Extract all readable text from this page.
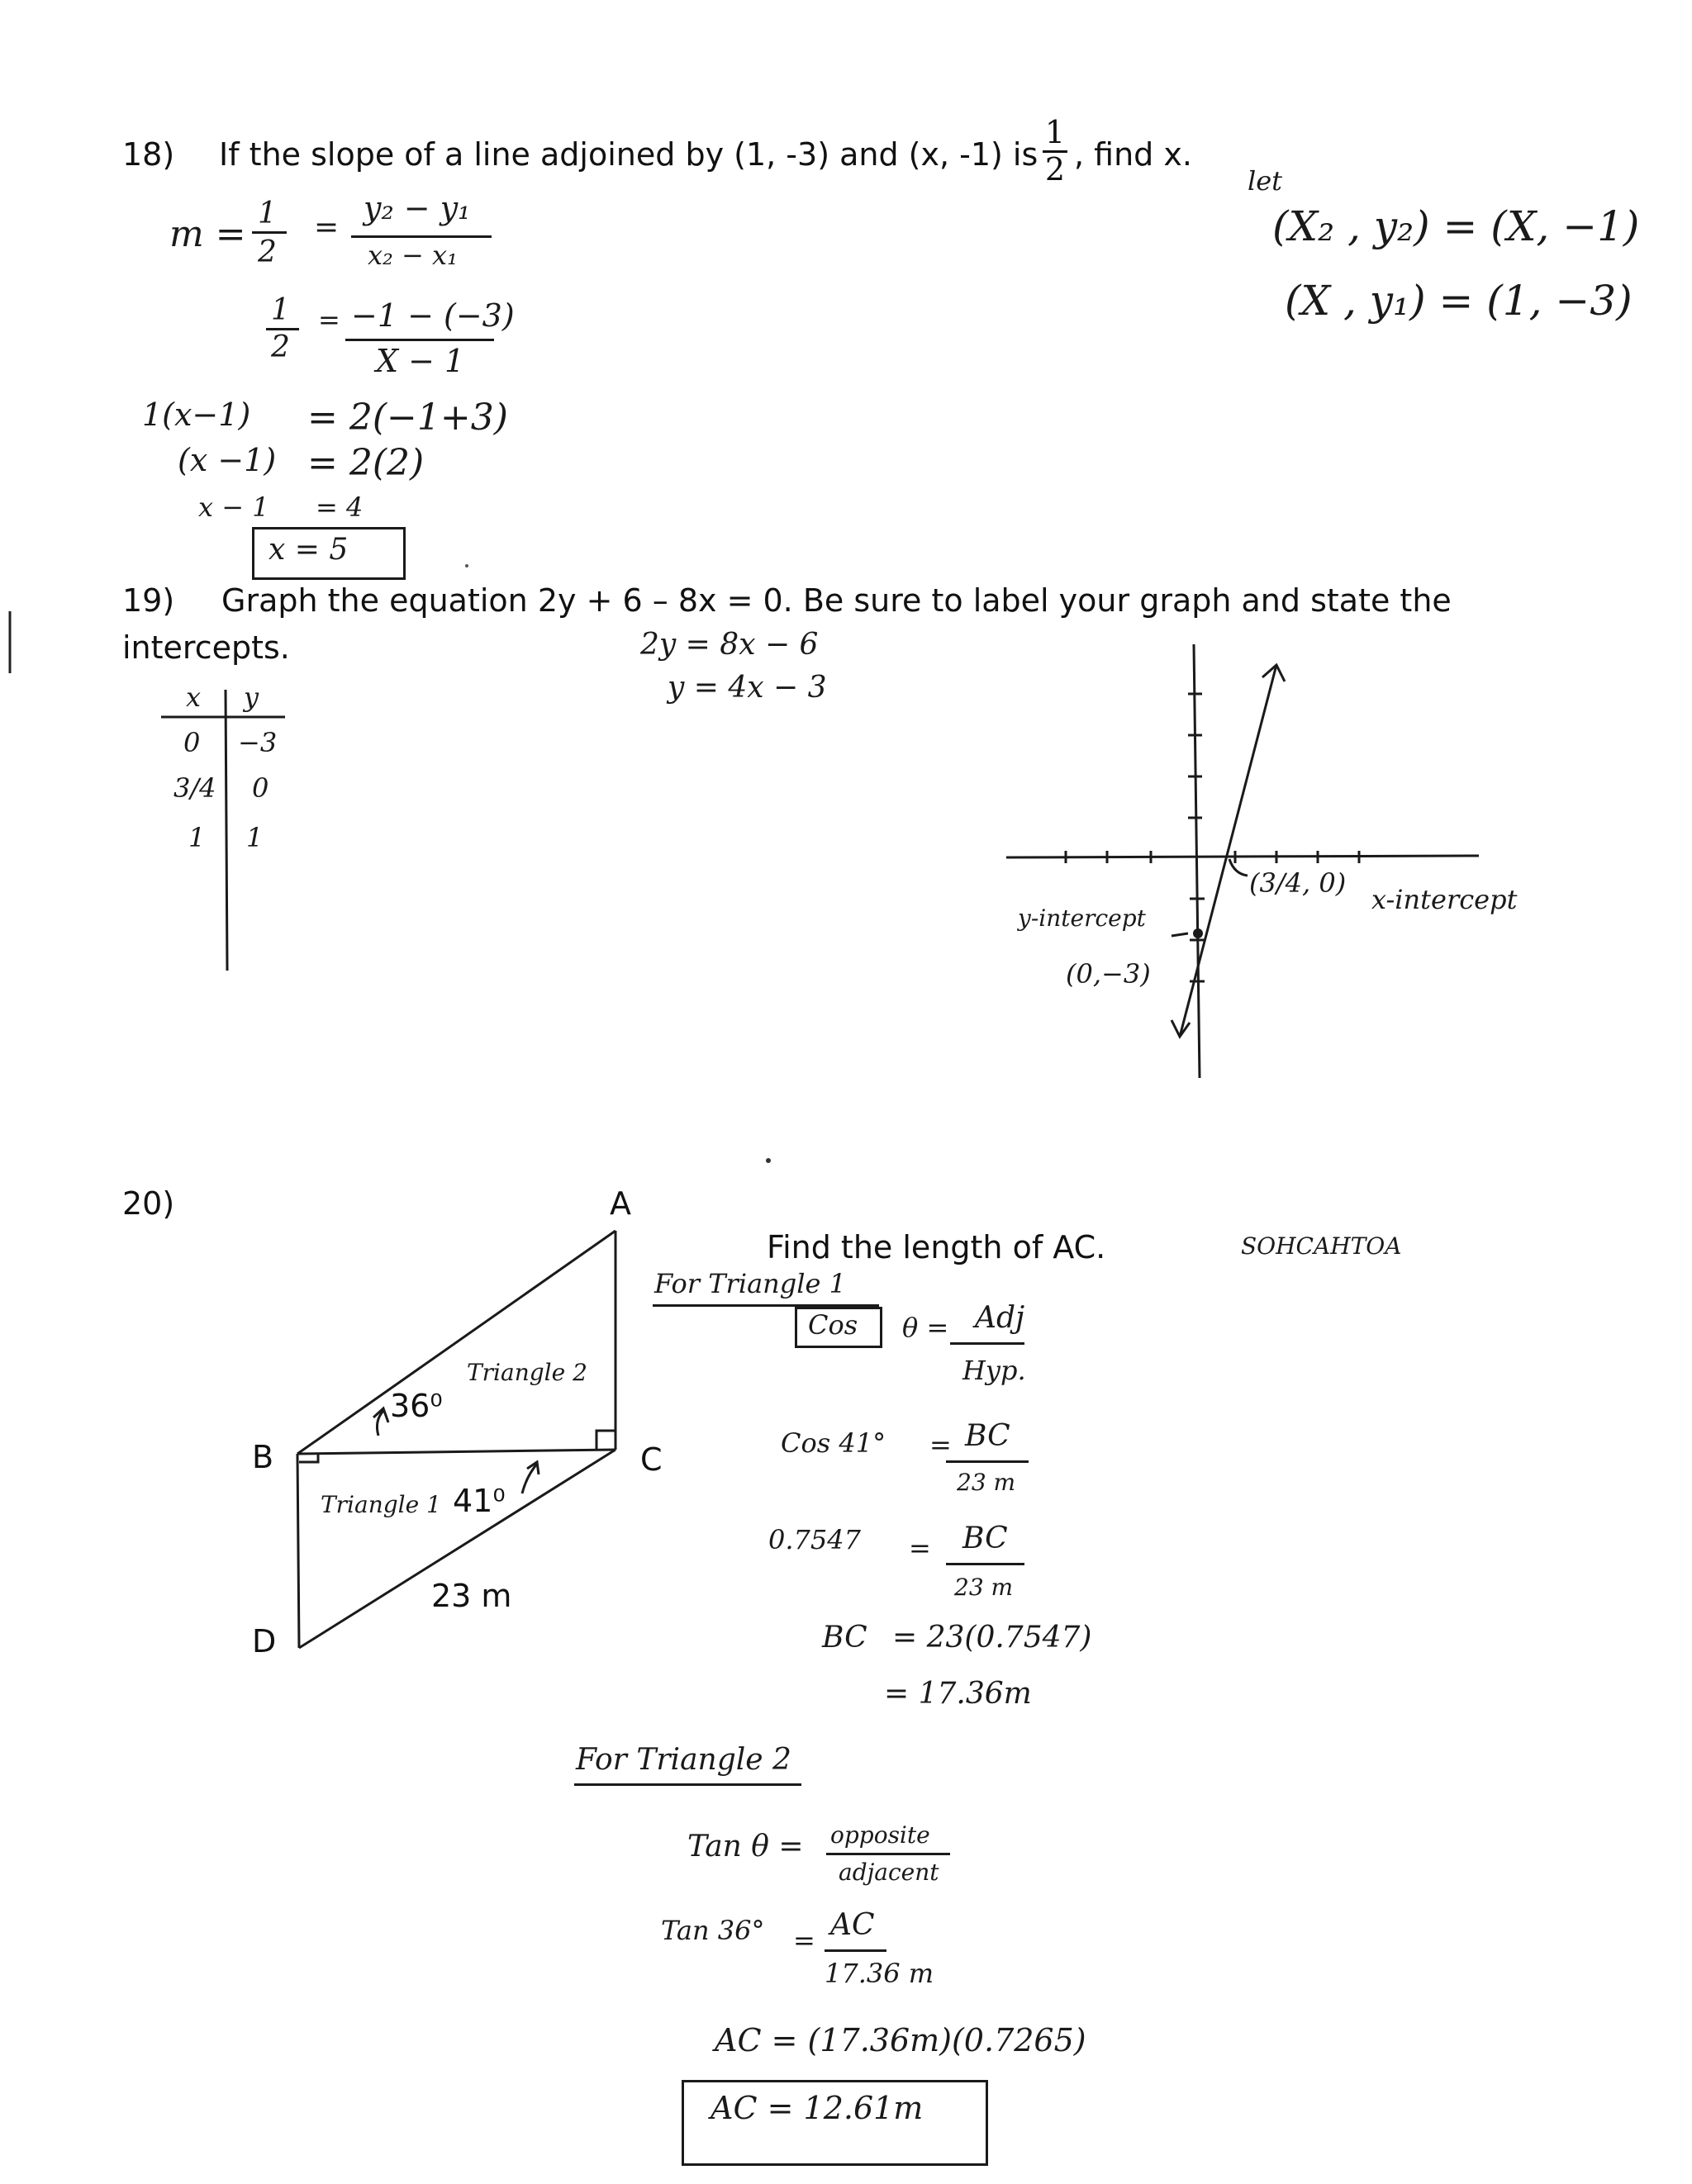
18) If the slope of a line adjoined by (1, -3) and (x, -1) is $\frac{1}{2}$ , find x.
let
(X₂ , y₂) = (X, −1)
(X , y₁) = (1, −3)
m = 1
2
=
y₂ − y₁
x₂ − x₁
1
2
= −1 − (−3)
X − 1
1(x−1) = 2(−1+3)
(x −1) = 2(2)
x − 1 = 4
x = 5
19) Graph the equation 2y + 6 – 8x = 0. Be sure to label your graph and state the
intercepts.	2y = 8x − 6
y = 4x − 3
x y
0 −3
3/4 0
1 1
(3/4, 0)
x-intercept
y-intercept
(0,−3)
20)	A
B	C
D
36⁰
41⁰
23 m
Triangle 1
Triangle 2
Find the length of AC.	SOHCAHTOA
For Triangle 1
Cos θ = Adj
Hyp.
Cos 41° = BC
23 m
0.7547 = BC
23 m
BC = 23(0.7547)
= 17.36m
For Triangle 2
Tan θ = opposite
adjacent
Tan 36° = AC
17.36 m
AC = (17.36m)(0.7265)
AC = 12.61m
